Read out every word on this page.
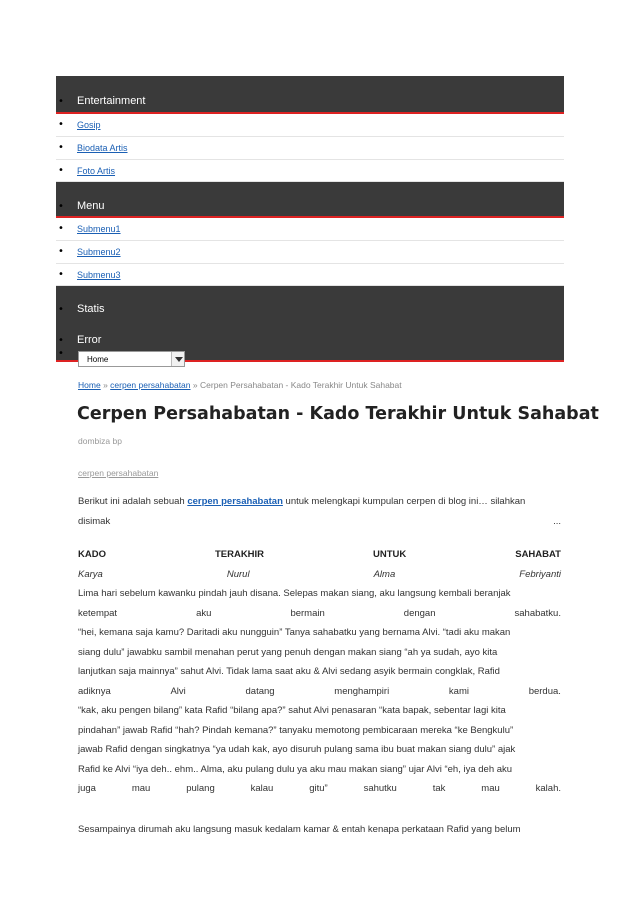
• Entertainment
• Gosip
• Biodata Artis
• Foto Artis
• Menu
• Submenu1
• Submenu2
• Submenu3
• Statis
• Error
•
Home
Home » cerpen persahabatan » Cerpen Persahabatan - Kado Terakhir Untuk Sahabat
Cerpen Persahabatan - Kado Terakhir Untuk Sahabat
dombiza bp
cerpen persahabatan
Berikut ini adalah sebuah cerpen persahabatan untuk melengkapi kumpulan cerpen di blog ini… silahkan
disimak	...
KADO	TERAKHIR	UNTUK	SAHABAT
Karya	Nurul	Alma	Febriyanti
Lima hari sebelum kawanku pindah jauh disana. Selepas makan siang, aku langsung kembali beranjak
ketempat	aku	bermain	dengan	sahabatku.
“hei, kemana saja kamu? Daritadi aku nungguin” Tanya sahabatku yang bernama Alvi. “tadi aku makan
siang dulu” jawabku sambil menahan perut yang penuh dengan makan siang “ah ya sudah, ayo kita
lanjutkan saja mainnya” sahut Alvi. Tidak lama saat aku & Alvi sedang asyik bermain congklak, Rafid
adiknya	Alvi	datang	menghampiri	kami	berdua.
“kak, aku pengen bilang” kata Rafid “bilang apa?” sahut Alvi penasaran “kata bapak, sebentar lagi kita
pindahan” jawab Rafid “hah? Pindah kemana?” tanyaku memotong pembicaraan mereka “ke Bengkulu”
jawab Rafid dengan singkatnya “ya udah kak, ayo disuruh pulang sama ibu buat makan siang dulu” ajak
Rafid ke Alvi “iya deh.. ehm.. Alma, aku pulang dulu ya aku mau makan siang” ujar Alvi “eh, iya deh aku
juga	mau	pulang	kalau	gitu”	sahutku	tak	mau	kalah.
Sesampainya dirumah aku langsung masuk kedalam kamar & entah kenapa perkataan Rafid yang belum
